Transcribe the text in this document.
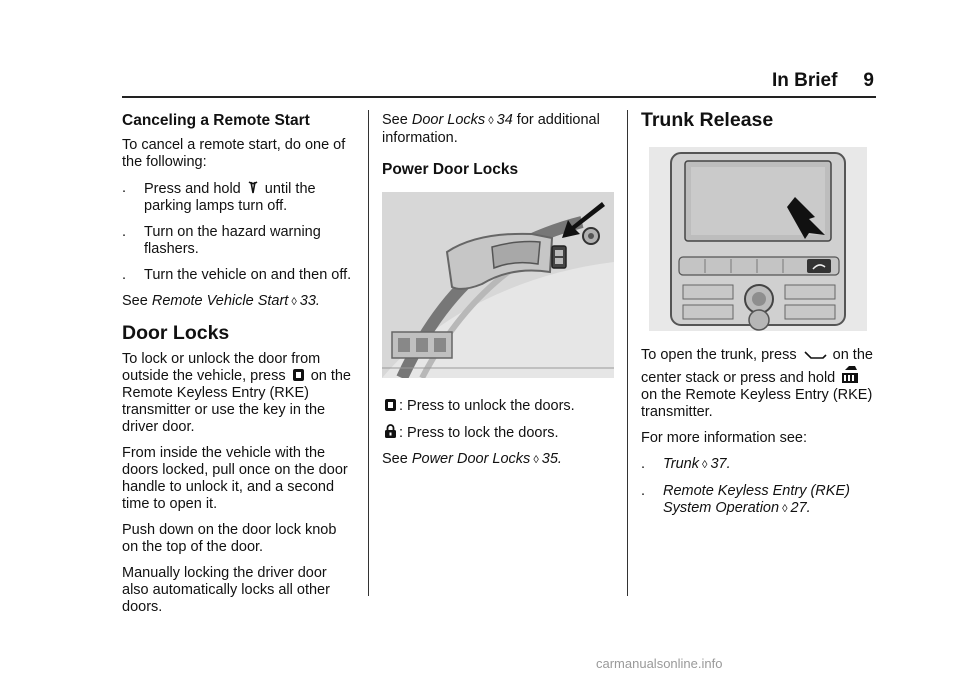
In Brief 9
Canceling a Remote Start

To cancel a remote start, do one of the following:

. Press and hold until the parking lamps turn off.
. Turn on the hazard warning flashers.
. Turn the vehicle on and then off.

See Remote Vehicle Start ◊ 33.

Door Locks

To lock or unlock the door from outside the vehicle, press on the Remote Keyless Entry (RKE) transmitter or use the key in the driver door.

From inside the vehicle with the doors locked, pull once on the door handle to unlock it, and a second time to open it.

Push down on the door lock knob on the top of the door.

Manually locking the driver door also automatically locks all other doors.

See Door Locks ◊ 34 for additional information.

Power Door Locks

: Press to unlock the doors.

: Press to lock the doors.

See Power Door Locks ◊ 35.

Trunk Release

To open the trunk, press on the center stack or press and hold  on the Remote Keyless Entry (RKE) transmitter.

For more information see:

. Trunk ◊ 37.
. Remote Keyless Entry (RKE) System Operation ◊ 27.
carmanualsonline.info
